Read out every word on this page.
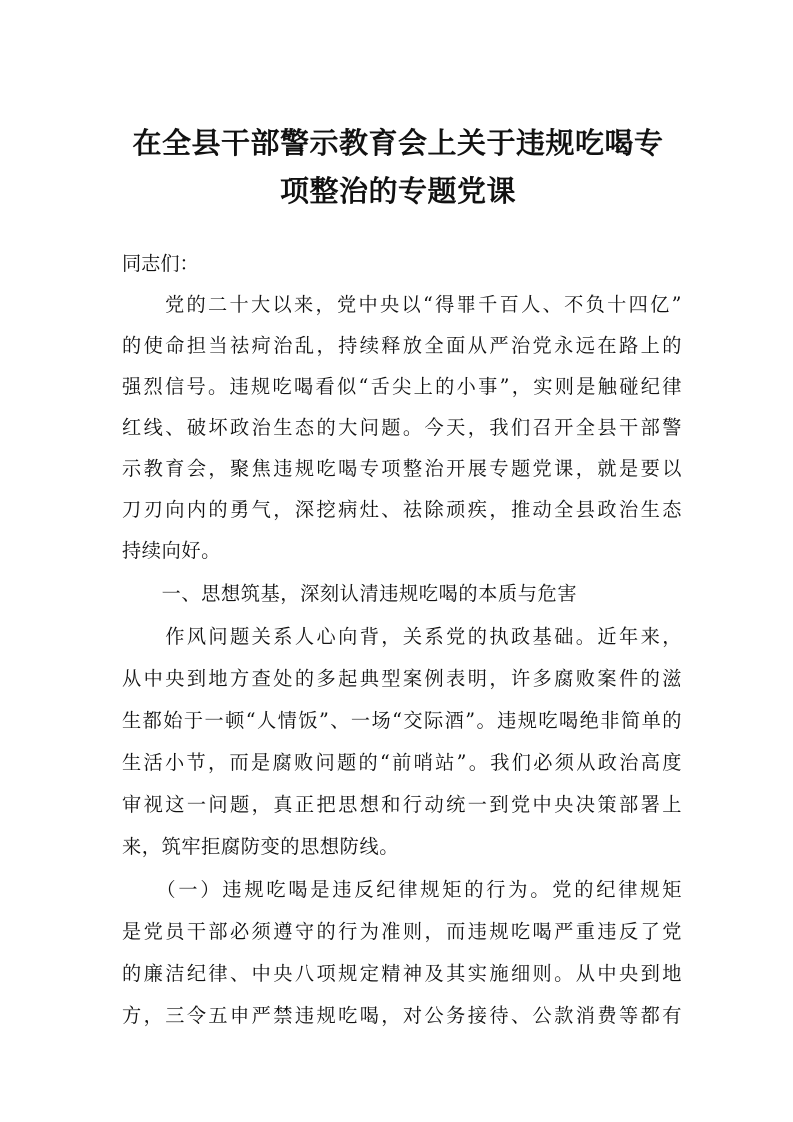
在全县干部警示教育会上关于违规吃喝专
项整治的专题党课
同志们：
　　党的二十大以来，党中央以“得罪千百人、不负十四亿”
的使命担当祛疴治乱，持续释放全面从严治党永远在路上的
强烈信号。违规吃喝看似“舌尖上的小事”，实则是触碰纪律
红线、破坏政治生态的大问题。今天，我们召开全县干部警
示教育会，聚焦违规吃喝专项整治开展专题党课，就是要以
刀刃向内的勇气，深挖病灶、祛除顽疾，推动全县政治生态
持续向好。
　　一、思想筑基，深刻认清违规吃喝的本质与危害
　　作风问题关系人心向背，关系党的执政基础。近年来，
从中央到地方查处的多起典型案例表明，许多腐败案件的滋
生都始于一顿“人情饭”、一场“交际酒”。违规吃喝绝非简单的
生活小节，而是腐败问题的“前哨站”。我们必须从政治高度
审视这一问题，真正把思想和行动统一到党中央决策部署上
来，筑牢拒腐防变的思想防线。
　　（一）违规吃喝是违反纪律规矩的行为。党的纪律规矩
是党员干部必须遵守的行为准则，而违规吃喝严重违反了党
的廉洁纪律、中央八项规定精神及其实施细则。从中央到地
方，三令五申严禁违规吃喝，对公务接待、公款消费等都有
